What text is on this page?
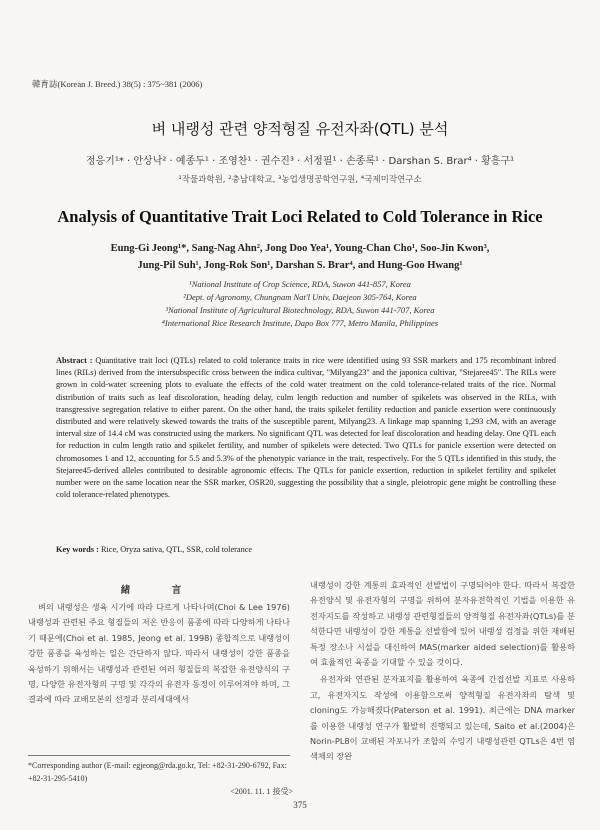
韓育誌(Korean J. Breed.) 38(5) : 375~381 (2006)
벼 내랭성 관련 양적형질 유전자좌(QTL) 분석
정응기¹* · 안상낙² · 예종두¹ · 조영찬¹ · 권수진³ · 서정필¹ · 손종록¹ · Darshan S. Brar⁴ · 황흥구¹
¹작물과학원, ²충남대학교, ³농업생명공학연구원, ⁴국제미작연구소
Analysis of Quantitative Trait Loci Related to Cold Tolerance in Rice
Eung-Gi Jeong¹*, Sang-Nag Ahn², Jong Doo Yea¹, Young-Chan Cho¹, Soo-Jin Kwon³,
Jung-Pil Suh¹, Jong-Rok Son¹, Darshan S. Brar⁴, and Hung-Goo Hwang¹
¹National Institute of Crop Science, RDA, Suwon 441-857, Korea
²Dept. of Agronomy, Chungnam Nat'l Univ, Daejeon 305-764, Korea
³National Institute of Agricultural Biotechnology, RDA, Suwon 441-707, Korea
⁴International Rice Research Institute, Dapo Box 777, Metro Manila, Philippines
Abstract : Quantitative trait loci (QTLs) related to cold tolerance traits in rice were identified using 93 SSR markers and 175 recombinant inbred lines (RILs) derived from the intersubspecific cross between the indica cultivar, "Milyang23" and the japonica cultivar, "Stejaree45". The RILs were grown in cold-water screening plots to evaluate the effects of the cold water treatment on the cold tolerance-related traits of the rice. Normal distribution of traits such as leaf discoloration, heading delay, culm length reduction and number of spikelets was observed in the RILs, with transgressive segregation relative to either parent. On the other hand, the traits spikelet fertility reduction and panicle exsertion were continuously distributed and were relatively skewed towards the traits of the susceptible parent, Milyang23. A linkage map spanning 1,293 cM, with an average interval size of 14.4 cM was constructed using the markers. No significant QTL was detected for leaf discoloration and heading delay. One QTL each for reduction in culm length ratio and spikelet fertility, and number of spikelets were detected. Two QTLs for panicle exsertion were detected on chromosomes 1 and 12, accounting for 5.5 and 5.3% of the phenotypic variance in the trait, respectively. For the 5 QTLs identified in this study, the Stejaree45-derived alleles contributed to desirable agronomic effects. The QTLs for panicle exsertion, reduction in spikelet fertility and spikelet number were on the same location near the SSR marker, OSR20, suggesting the possibility that a single, pleiotropic gene might be controlling these cold tolerance-related phenotypes.
Key words : Rice, Oryza sativa, QTL, SSR, cold tolerance
緒　言

벼의 내랭성은 생육 시기에 따라 다르게 나타나며(Choi & Lee 1976) 내랭성과 관련된 주요 형질들의 저온 반응이 품종에 따라 다양하게 나타나기 때문에(Choi et al. 1985, Jeong et al. 1998) 종합적으로 내랭성이 강한 품종을 육성하는 일은 간단하지 않다. 따라서 내랭성이 강한 품종을 육성하기 위해서는 내랭성과 관련된 여러 형질들의 복잡한 유전양식의 구명, 다양한 유전자형의 구명 및 각각의 유전자 동정이 이루어져야 하며, 그 결과에 따라 교배모본의 선정과 분리세대에서

내랭성이 강한 계통의 효과적인 선발법이 구명되어야 한다. 따라서 복잡한 유전양식 및 유전자형의 구명을 위하여 분자유전학적인 기법을 이용한 유전자지도를 작성하고 내랭성 관련형질들의 양적형질 유전자좌(QTLs)를 분석한다면 내랭성이 강한 계통을 선발함에 있어 내랭성 검정을 위한 재배된 특정 장소나 시설을 대신하여 MAS(marker aided selection)를 활용하여 효율적인 육종을 기대할 수 있을 것이다.

유전자와 연관된 분자표지를 활용하여 육종에 간접선발 지표로 사용하고, 유전자지도 작성에 이용함으로써 양적형질 유전자좌의 탐색 및 cloning도 가능해졌다(Paterson et al. 1991). 최근에는 DNA marker를 이용한 내랭성 연구가 활발히 진행되고 있는데, Saito et al.(2004)은 Norin-PL8이 교배된 자포니카 조합의 수잉기 내랭성관련 QTLs은 4번 염색체의 장완

*Corresponding author (E-mail: egjeong@rda.go.kr, Tel: +82-31-290-6792, Fax: +82-31-295-5410)
<2001. 11. 1 接受>
375
